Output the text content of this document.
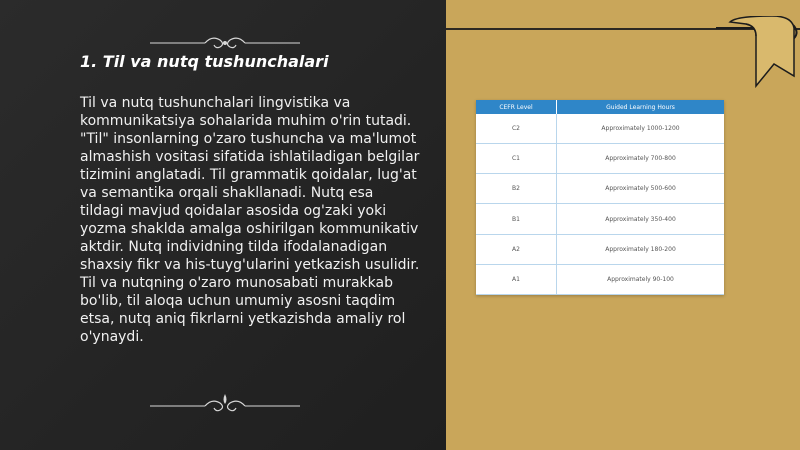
1. Til va nutq tushunchalari

Til va nutq tushunchalari lingvistika va kommunikatsiya sohalarida muhim o'rin tutadi. "Til" insonlarning o'zaro tushuncha va ma'lumot almashish vositasi sifatida ishlatiladigan belgilar tizimini anglatadi. Til grammatik qoidalar, lug'at va semantika orqali shakllanadi. Nutq esa tildagi mavjud qoidalar asosida og'zaki yoki yozma shaklda amalga oshirilgan kommunikativ aktdir. Nutq individning tilda ifodalanadigan shaxsiy fikr va his-tuyg'ularini yetkazish usulidir. Til va nutqning o'zaro munosabati murakkab bo'lib, til aloqa uchun umumiy asosni taqdim etsa, nutq aniq fikrlarni yetkazishda amaliy rol o'ynaydi.

CEFR Level	Guided Learning Hours
C2	Approximately 1000-1200
C1	Approximately 700-800
B2	Approximately 500-600
B1	Approximately 350-400
A2	Approximately 180-200
A1	Approximately 90-100
